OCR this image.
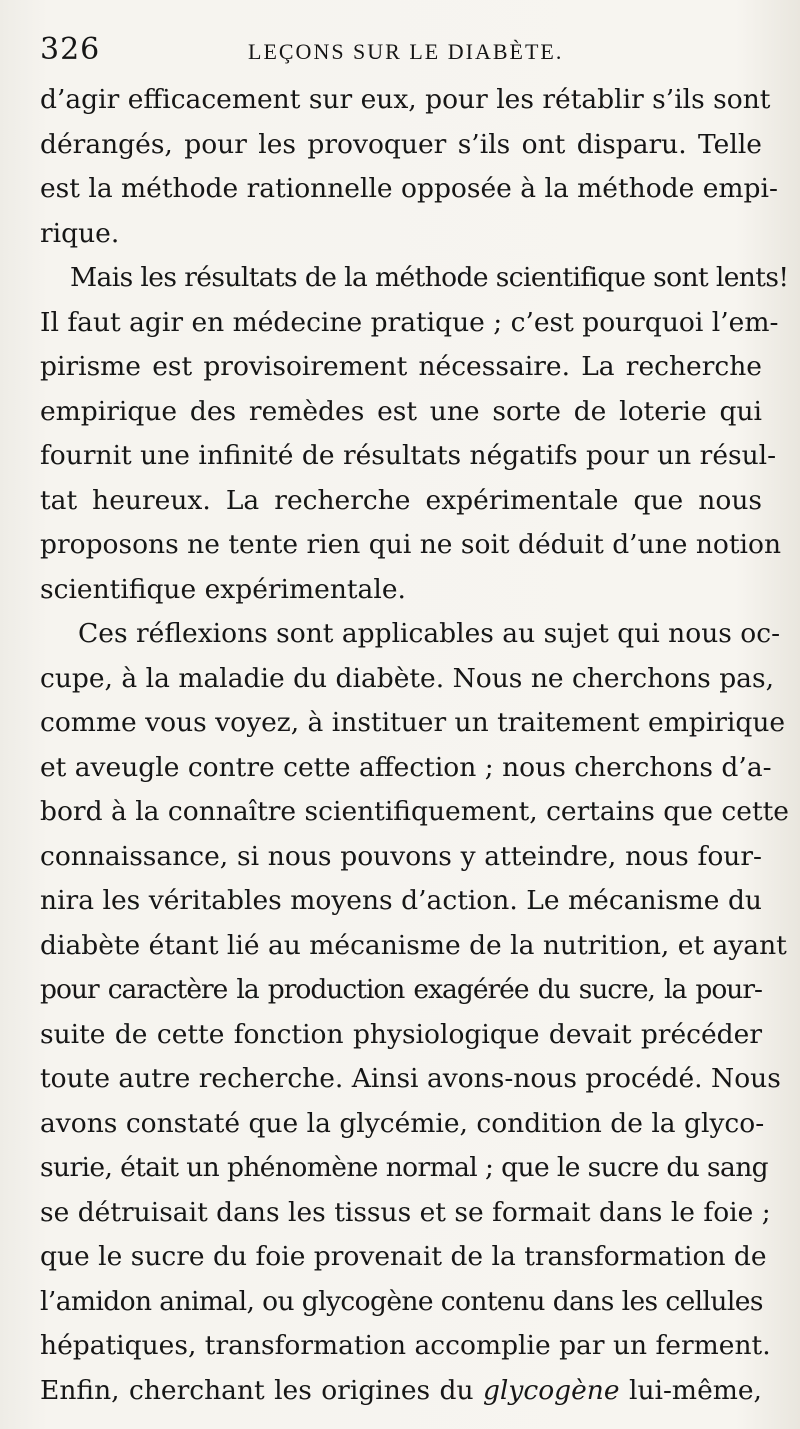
326	LEÇONS SUR LE DIABÈTE.
d’agir efficacement sur eux, pour les rétablir s’ils sont
dérangés, pour les provoquer s’ils ont disparu. Telle
est la méthode rationnelle opposée à la méthode empi-
rique.
Mais les résultats de la méthode scientifique sont lents!
Il faut agir en médecine pratique ; c’est pourquoi l’em-
pirisme est provisoirement nécessaire. La recherche
empirique des remèdes est une sorte de loterie qui
fournit une infinité de résultats négatifs pour un résul-
tat heureux. La recherche expérimentale que nous
proposons ne tente rien qui ne soit déduit d’une notion
scientifique expérimentale.
Ces réflexions sont applicables au sujet qui nous oc-
cupe, à la maladie du diabète. Nous ne cherchons pas,
comme vous voyez, à instituer un traitement empirique
et aveugle contre cette affection ; nous cherchons d’a-
bord à la connaître scientifiquement, certains que cette
connaissance, si nous pouvons y atteindre, nous four-
nira les véritables moyens d’action. Le mécanisme du
diabète étant lié au mécanisme de la nutrition, et ayant
pour caractère la production exagérée du sucre, la pour-
suite de cette fonction physiologique devait précéder
toute autre recherche. Ainsi avons-nous procédé. Nous
avons constaté que la glycémie, condition de la glyco-
surie, était un phénomène normal ; que le sucre du sang
se détruisait dans les tissus et se formait dans le foie ;
que le sucre du foie provenait de la transformation de
l’amidon animal, ou glycogène contenu dans les cellules
hépatiques, transformation accomplie par un ferment.
Enfin, cherchant les origines du glycogène lui-même,
